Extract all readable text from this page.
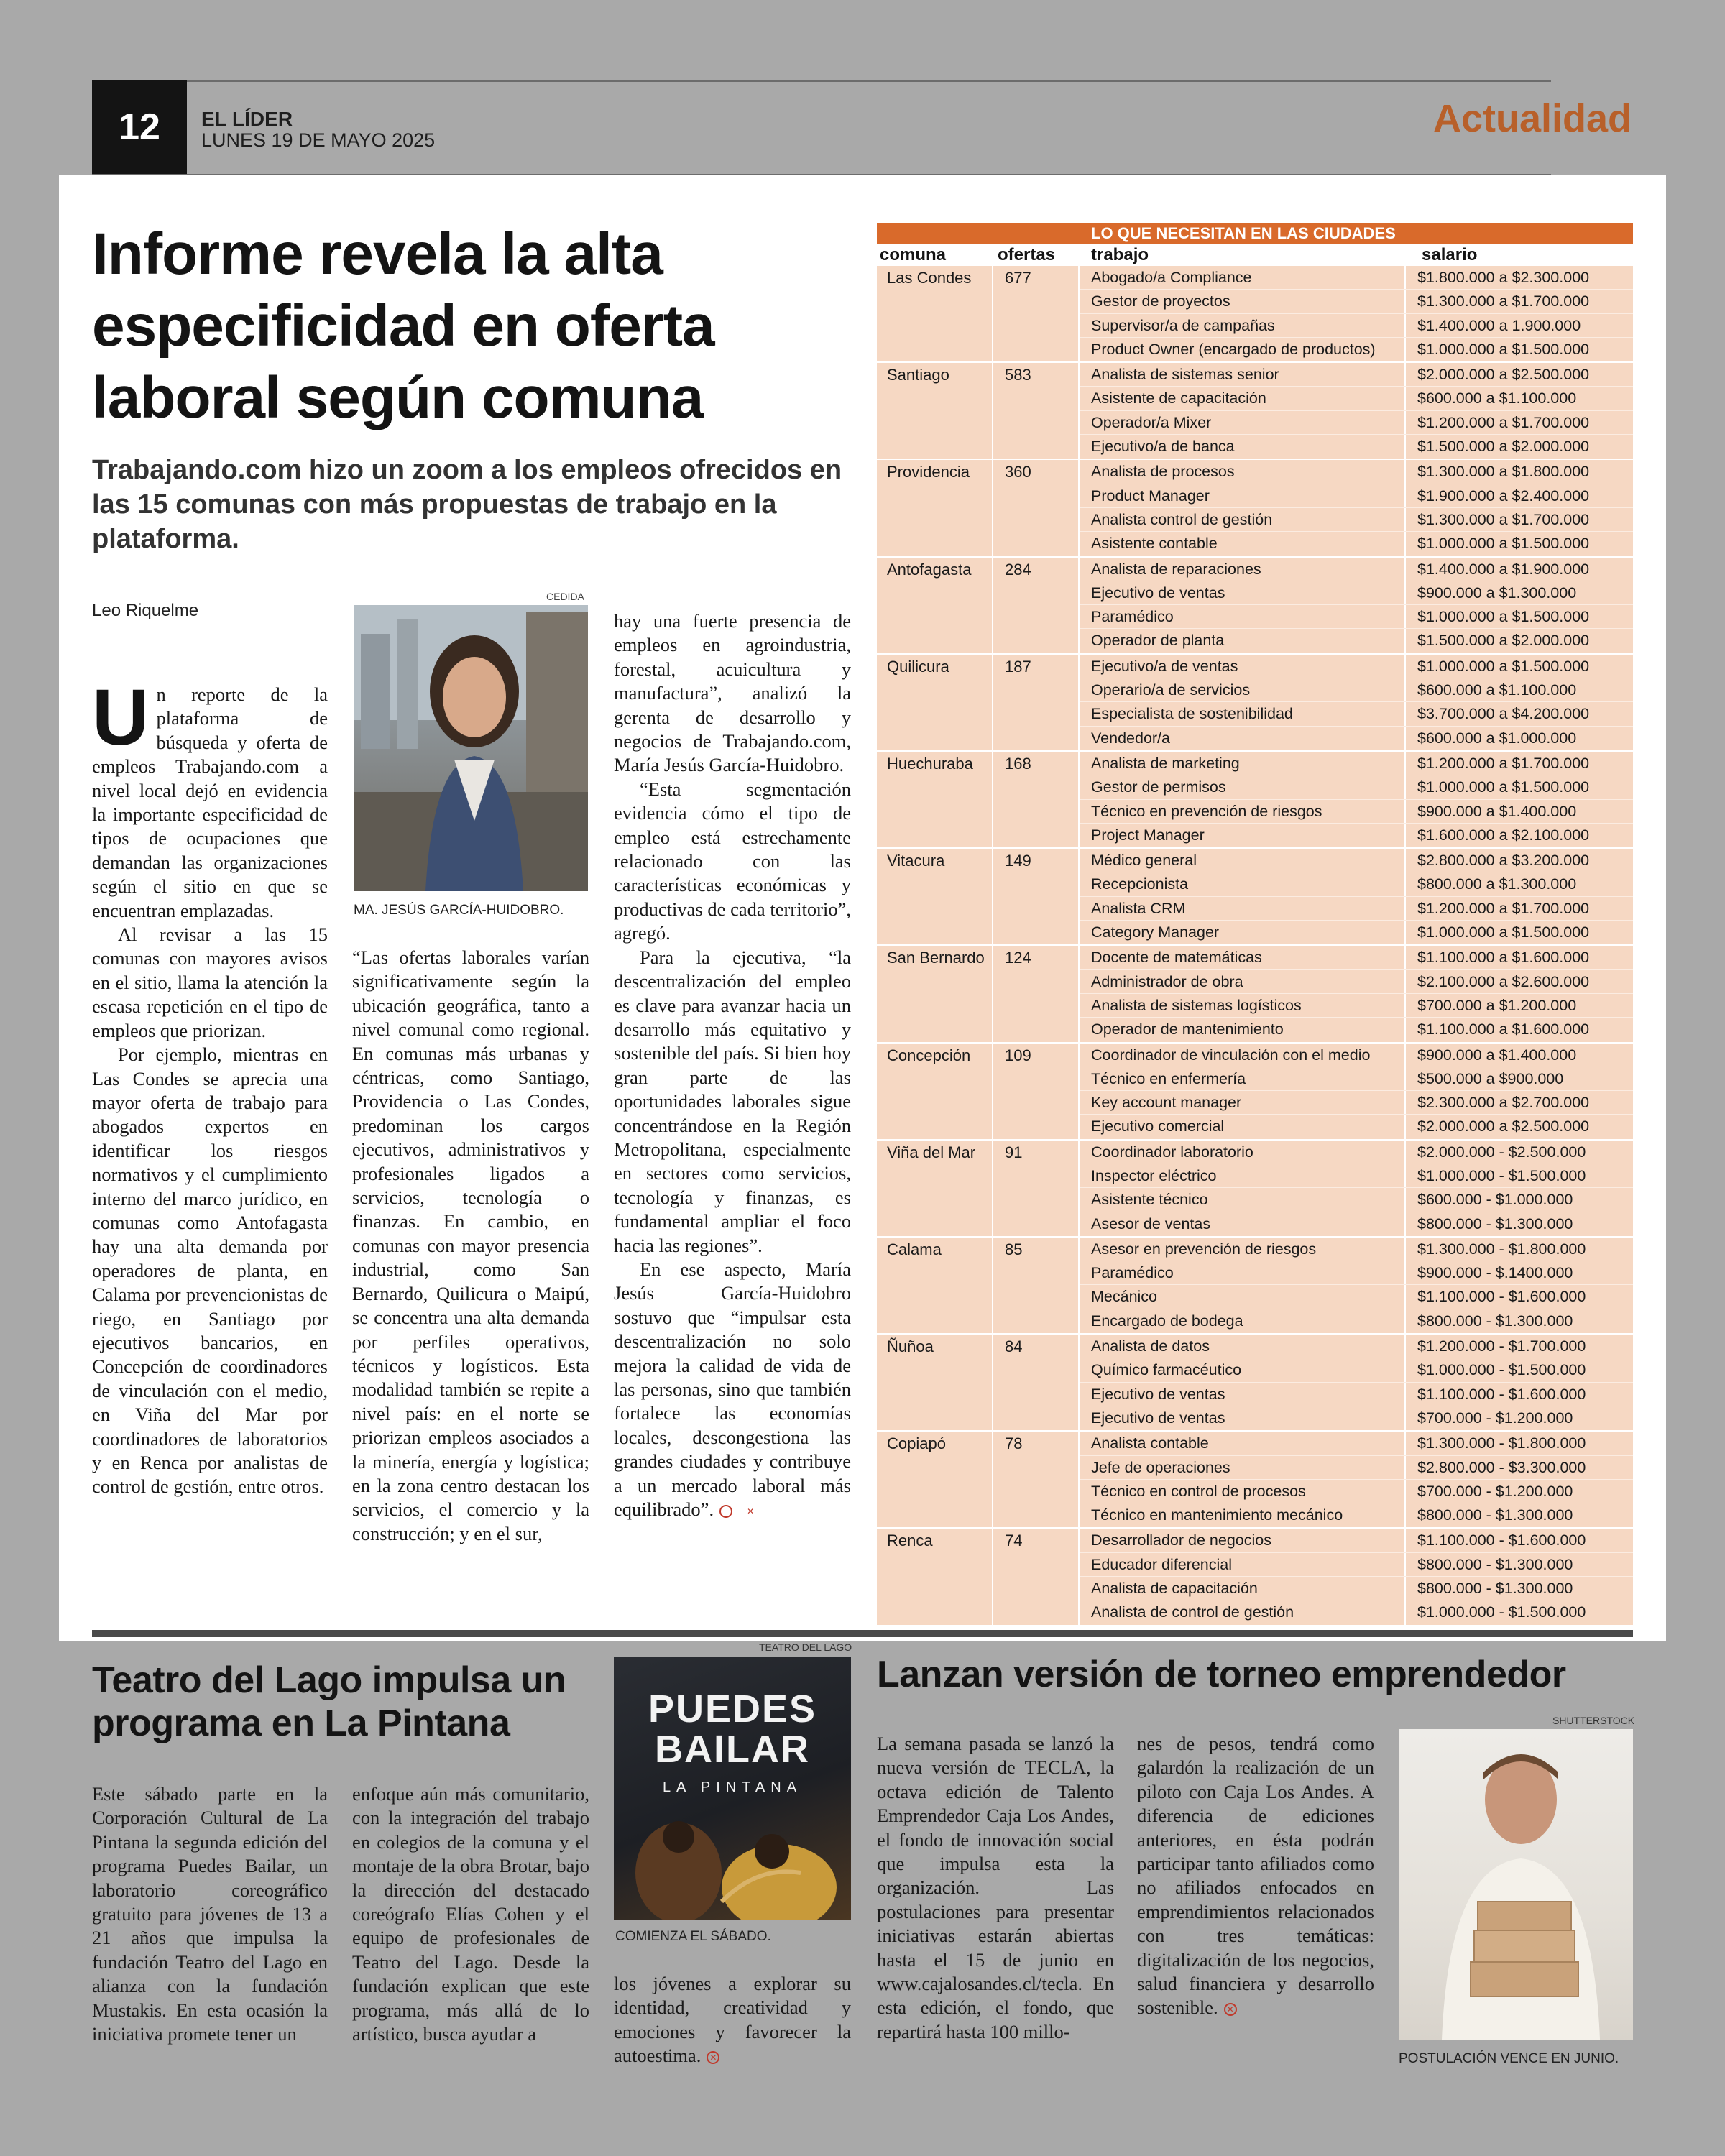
12	EL LÍDER
LUNES 19 DE MAYO 2025	Actualidad
Informe revela la alta especificidad en oferta laboral según comuna
Trabajando.com hizo un zoom a los empleos ofrecidos en las 15 comunas con más propuestas de trabajo en la plataforma.
Leo Riquelme

Un reporte de la plataforma de búsqueda y oferta de empleos Trabajando.com a nivel local dejó en evidencia la importante especificidad de tipos de ocupaciones que demandan las organizaciones según el sitio en que se encuentran emplazadas.

Al revisar a las 15 comunas con mayores avisos en el sitio, llama la atención la escasa repetición en el tipo de empleos que priorizan.

Por ejemplo, mientras en Las Condes se aprecia una mayor oferta de trabajo para abogados expertos en identificar los riesgos normativos y el cumplimiento interno del marco jurídico, en comunas como Antofagasta hay una alta demanda por operadores de planta, en Calama por prevencionistas de riego, en Santiago por ejecutivos bancarios, en Concepción de coordinadores de vinculación con el medio, en Viña del Mar por coordinadores de laboratorios y en Renca por analistas de control de gestión, entre otros.

CEDIDA
MA. JESÚS GARCÍA-HUIDOBRO.

“Las ofertas laborales varían significativamente según la ubicación geográfica, tanto a nivel comunal como regional. En comunas más urbanas y céntricas, como Santiago, Providencia o Las Condes, predominan los cargos ejecutivos, administrativos y profesionales ligados a servicios, tecnología o finanzas. En cambio, en comunas con mayor presencia industrial, como San Bernardo, Quilicura o Maipú, se concentra una alta demanda por perfiles operativos, técnicos y logísticos. Esta modalidad también se repite a nivel país: en el norte se priorizan empleos asociados a la minería, energía y logística; en la zona centro destacan los servicios, el comercio y la construcción; y en el sur,

hay una fuerte presencia de empleos en agroindustria, forestal, acuicultura y manufactura”, analizó la gerenta de desarrollo y negocios de Trabajando.com, María Jesús García-Huidobro.

“Esta segmentación evidencia cómo el tipo de empleo está estrechamente relacionado con las características económicas y productivas de cada territorio”, agregó.

Para la ejecutiva, “la descentralización del empleo es clave para avanzar hacia un desarrollo más equitativo y sostenible del país. Si bien hoy gran parte de las oportunidades laborales sigue concentrándose en la Región Metropolitana, especialmente en sectores como servicios, tecnología y finanzas, es fundamental ampliar el foco hacia las regiones”.

En ese aspecto, María Jesús García-Huidobro sostuvo que “impulsar esta descentralización no solo mejora la calidad de vida de las personas, sino que también fortalece las economías locales, descongestiona las grandes ciudades y contribuye a un mercado laboral más equilibrado”.	✕

LO QUE NECESITAN EN LAS CIUDADES
comuna	ofertas	trabajo	salario
Las Condes	677	Abogado/a Compliance	$1.800.000 a $2.300.000
Gestor de proyectos	$1.300.000 a $1.700.000
Supervisor/a de campañas	$1.400.000 a 1.900.000
Product Owner (encargado de productos)	$1.000.000 a $1.500.000
Santiago	583	Analista de sistemas senior	$2.000.000 a $2.500.000
Asistente de capacitación	$600.000 a $1.100.000
Operador/a Mixer	$1.200.000 a $1.700.000
Ejecutivo/a de banca	$1.500.000 a $2.000.000
Providencia	360	Analista de procesos	$1.300.000 a $1.800.000
Product Manager	$1.900.000 a $2.400.000
Analista control de gestión	$1.300.000 a $1.700.000
Asistente contable	$1.000.000 a $1.500.000
Antofagasta	284	Analista de reparaciones	$1.400.000 a $1.900.000
Ejecutivo de ventas	$900.000 a $1.300.000
Paramédico	$1.000.000 a $1.500.000
Operador de planta	$1.500.000 a $2.000.000
Quilicura	187	Ejecutivo/a de ventas	$1.000.000 a $1.500.000
Operario/a de servicios	$600.000 a $1.100.000
Especialista de sostenibilidad	$3.700.000 a $4.200.000
Vendedor/a	$600.000 a $1.000.000
Huechuraba	168	Analista de marketing	$1.200.000 a $1.700.000
Gestor de permisos	$1.000.000 a $1.500.000
Técnico en prevención de riesgos	$900.000 a $1.400.000
Project Manager	$1.600.000 a $2.100.000
Vitacura	149	Médico general	$2.800.000 a $3.200.000
Recepcionista	$800.000 a $1.300.000
Analista CRM	$1.200.000 a $1.700.000
Category Manager	$1.000.000 a $1.500.000
San Bernardo	124	Docente de matemáticas	$1.100.000 a $1.600.000
Administrador de obra	$2.100.000 a $2.600.000
Analista de sistemas logísticos	$700.000 a $1.200.000
Operador de mantenimiento	$1.100.000 a $1.600.000
Concepción	109	Coordinador de vinculación con el medio	$900.000 a $1.400.000
Técnico en enfermería	$500.000 a $900.000
Key account manager	$2.300.000 a $2.700.000
Ejecutivo comercial	$2.000.000 a $2.500.000
Viña del Mar	91	Coordinador laboratorio	$2.000.000 - $2.500.000
Inspector eléctrico	$1.000.000 - $1.500.000
Asistente técnico	$600.000 - $1.000.000
Asesor de ventas	$800.000 - $1.300.000
Calama	85	Asesor en prevención de riesgos	$1.300.000 - $1.800.000
Paramédico	$900.000 - $.1400.000
Mecánico	$1.100.000 - $1.600.000
Encargado de bodega	$800.000 - $1.300.000
Ñuñoa	84	Analista de datos	$1.200.000 - $1.700.000
Químico farmacéutico	$1.000.000 - $1.500.000
Ejecutivo de ventas	$1.100.000 - $1.600.000
Ejecutivo de ventas	$700.000 - $1.200.000
Copiapó	78	Analista contable	$1.300.000 - $1.800.000
Jefe de operaciones	$2.800.000 - $3.300.000
Técnico en control de procesos	$700.000 - $1.200.000
Técnico en mantenimiento mecánico	$800.000 - $1.300.000
Renca	74	Desarrollador de negocios	$1.100.000 - $1.600.000
Educador diferencial	$800.000 - $1.300.000
Analista de capacitación	$800.000 - $1.300.000
Analista de control de gestión	$1.000.000 - $1.500.000
Teatro del Lago impulsa un programa en La Pintana
Este sábado parte en la Corporación Cultural de La Pintana la segunda edición del programa Puedes Bailar, un laboratorio coreográfico gratuito para jóvenes de 13 a 21 años que impulsa la fundación Teatro del Lago en alianza con la fundación Mustakis. En esta ocasión la iniciativa promete tener un
enfoque aún más comunitario, con la integración del trabajo en colegios de la comuna y el montaje de la obra Brotar, bajo la dirección del destacado coreógrafo Elías Cohen y el equipo de profesionales de Teatro del Lago. Desde la fundación explican que este programa, más allá de lo artístico, busca ayudar a
TEATRO DEL LAGO
PUEDES BAILAR
LA PINTANA
COMIENZA EL SÁBADO.
los jóvenes a explorar su identidad, creatividad y emociones y favorecer la autoestima. ✕
Lanzan versión de torneo emprendedor
La semana pasada se lanzó la nueva versión de TECLA, la octava edición de Talento Emprendedor Caja Los Andes, el fondo de innovación social que impulsa esta la organización. Las postulaciones para presentar iniciativas estarán abiertas hasta el 15 de junio en www.cajalosandes.cl/tecla. En esta edición, el fondo, que repartirá hasta 100 millo-
nes de pesos, tendrá como galardón la realización de un piloto con Caja Los Andes. A diferencia de ediciones anteriores, en ésta podrán participar tanto afiliados como no afiliados enfocados en emprendimientos relacionados con tres temáticas: digitalización de los negocios, salud financiera y desarrollo sostenible. ✕
SHUTTERSTOCK
POSTULACIÓN VENCE EN JUNIO.
